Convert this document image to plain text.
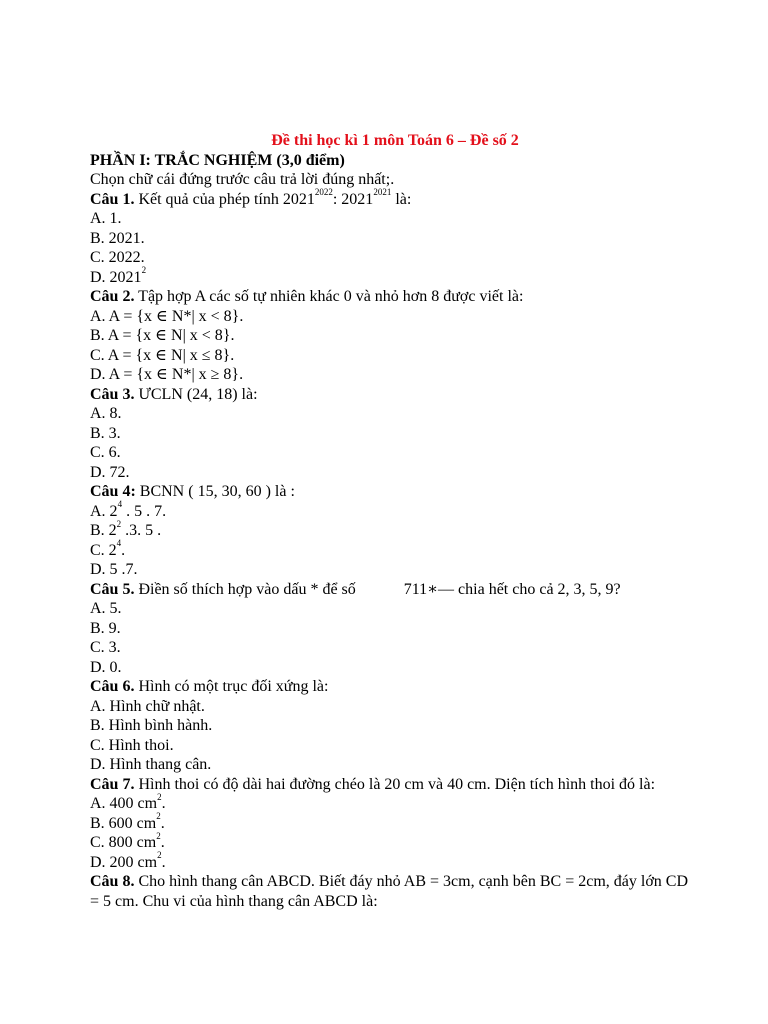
Đề thi học kì 1 môn Toán 6 – Đề số 2
PHẦN I: TRẮC NGHIỆM (3,0 điểm)
Chọn chữ cái đứng trước câu trả lời đúng nhất;.
Câu 1. Kết quả của phép tính $2021^{2022}$: $2021^{2021}$ là:
A. 1.
B. 2021.
C. 2022.
D. 2021$^2$
Câu 2. Tập hợp A các số tự nhiên khác 0 và nhỏ hơn 8 được viết là:
A. A = {x ∈ N*| x < 8}.
B. A = {x ∈ N| x < 8}.
C. A = {x ∈ N| x ≤ 8}.
D. A = {x ∈ N*| x ≥ 8}.
Câu 3. ƯCLN (24, 18) là:
A. 8.
B. 3.
C. 6.
D. 72.
Câu 4: BCNN ( 15, 30, 60 ) là :
A. $2^4$ . 5 . 7.
B. $2^2$ .3. 5 .
C. $2^4$.
D. 5 .7.
Câu 5. Điền số thích hợp vào dấu * để số	711∗— chia hết cho cả 2, 3, 5, 9?
A. 5.
B. 9.
C. 3.
D. 0.
Câu 6. Hình có một trục đối xứng là:
A. Hình chữ nhật.
B. Hình bình hành.
C. Hình thoi.
D. Hình thang cân.
Câu 7. Hình thoi có độ dài hai đường chéo là 20 cm và 40 cm. Diện tích hình thoi đó là:
A. 400 $cm^2$.
B. 600 $cm^2$.
C. 800 $cm^2$.
D. 200 $cm^2$.
Câu 8. Cho hình thang cân ABCD. Biết đáy nhỏ AB = 3cm, cạnh bên BC = 2cm, đáy lớn CD = 5 cm. Chu vi của hình thang cân ABCD là:
